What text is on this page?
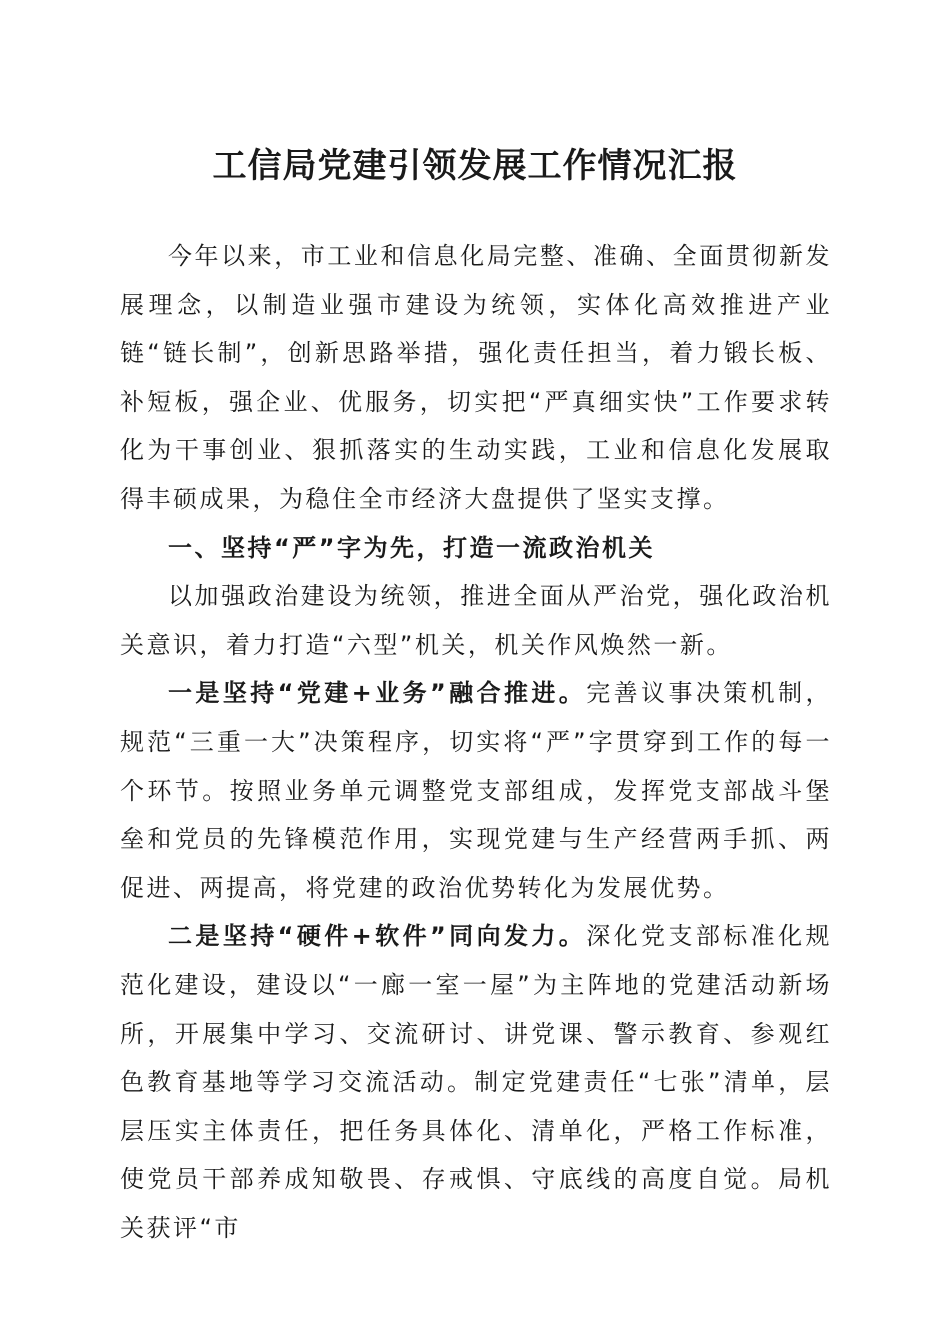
工信局党建引领发展工作情况汇报

今年以来，市工业和信息化局完整、准确、全面贯彻新发展理念，以制造业强市建设为统领，实体化高效推进产业链“链长制”，创新思路举措，强化责任担当，着力锻长板、补短板，强企业、优服务，切实把“严真细实快”工作要求转化为干事创业、狠抓落实的生动实践，工业和信息化发展取得丰硕成果，为稳住全市经济大盘提供了坚实支撑。

一、坚持“严”字为先，打造一流政治机关

以加强政治建设为统领，推进全面从严治党，强化政治机关意识，着力打造“六型”机关，机关作风焕然一新。

一是坚持“党建+业务”融合推进。完善议事决策机制，规范“三重一大”决策程序，切实将“严”字贯穿到工作的每一个环节。按照业务单元调整党支部组成，发挥党支部战斗堡垒和党员的先锋模范作用，实现党建与生产经营两手抓、两促进、两提高，将党建的政治优势转化为发展优势。

二是坚持“硬件+软件”同向发力。深化党支部标准化规范化建设，建设以“一廊一室一屋”为主阵地的党建活动新场所，开展集中学习、交流研讨、讲党课、警示教育、参观红色教育基地等学习交流活动。制定党建责任“七张”清单，层层压实主体责任，把任务具体化、清单化，严格工作标准，使党员干部养成知敬畏、存戒惧、守底线的高度自觉。局机关获评“市
